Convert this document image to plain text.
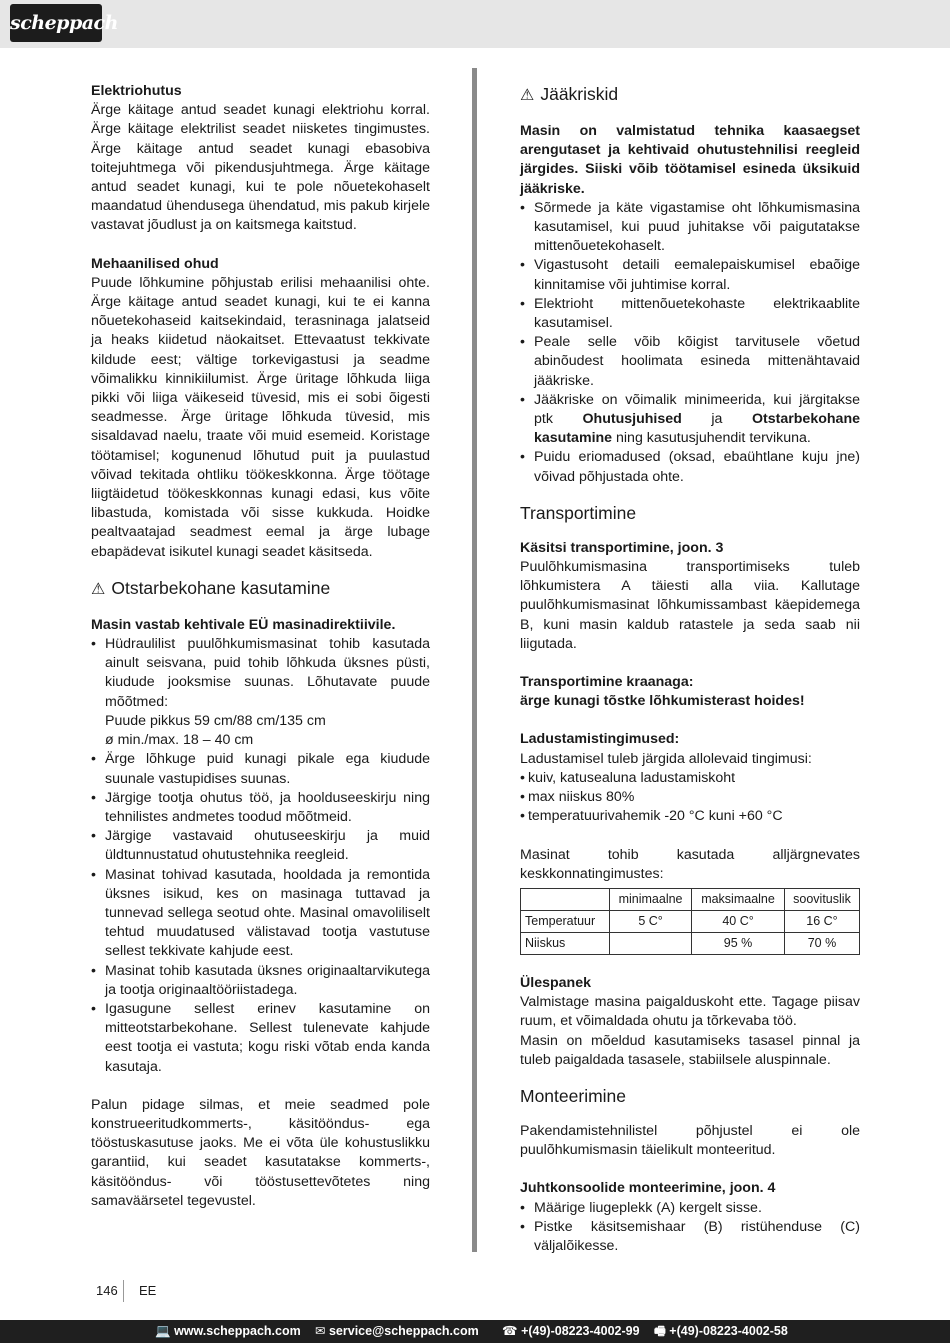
scheppach

Elektriohutus

Ärge käitage antud seadet kunagi elektriohu korral. Ärge käitage elektrilist seadet niisketes tingimustes. Ärge käitage antud seadet kunagi ebasobiva toitejuhtmega või pikendusjuhtmega. Ärge käitage antud seadet kunagi, kui te pole nõuetekohaselt maandatud ühendusega ühendatud, mis pakub kirjele vastavat jõudlust ja on kaitsmega kaitstud.

Mehaanilised ohud

Puude lõhkumine põhjustab erilisi mehaanilisi ohte. Ärge käitage antud seadet kunagi, kui te ei kanna nõuetekohaseid kaitsekindaid, terasninaga jalatseid ja heaks kiidetud näokaitset. Ettevaatust tekkivate kildude eest; vältige torkevigastusi ja seadme võimalikku kinnikiilumist. Ärge üritage lõhkuda liiga pikki või liiga väikeseid tüvesid, mis ei sobi õigesti seadmesse. Ärge üritage lõhkuda tüvesid, mis sisaldavad naelu, traate või muid esemeid. Koristage töötamisel; kogunenud lõhutud puit ja puulastud võivad tekitada ohtliku töökeskkonna. Ärge töötage liigtäidetud töökeskkonnas kunagi edasi, kus võite libastuda, komistada või sisse kukkuda. Hoidke pealtvaatajad seadmest eemal ja ärge lubage ebapädevat isikutel kunagi seadet käsitseda.

⚠ Otstarbekohane kasutamine

Masin vastab kehtivale EÜ masinadirektiivile.

• Hüdraulilist puulõhkumismasinat tohib kasutada ainult seisvana, puid tohib lõhkuda üksnes püsti, kiudude jooksmise suunas. Lõhutavate puude mõõtmed:
Puude pikkus 59 cm/88 cm/135 cm
ø min./max. 18 – 40 cm
• Ärge lõhkuge puid kunagi pikale ega kiudude suunale vastupidises suunas.
• Järgige tootja ohutus töö, ja hoolduseeskirju ning tehnilistes andmetes toodud mõõtmeid.
• Järgige vastavaid ohutuseeskirju ja muid üldtunnustatud ohutustehnika reegleid.
• Masinat tohivad kasutada, hooldada ja remontida üksnes isikud, kes on masinaga tuttavad ja tunnevad sellega seotud ohte. Masinal omavoliliselt tehtud muudatused välistavad tootja vastutuse sellest tekkivate kahjude eest.
• Masinat tohib kasutada üksnes originaaltarvikutega ja tootja originaaltööriistadega.
• Igasugune sellest erinev kasutamine on mitteotstarbekohane. Sellest tulenevate kahjude eest tootja ei vastuta; kogu riski võtab enda kanda kasutaja.

Palun pidage silmas, et meie seadmed pole konstrueeritudkommerts-, käsitööndus- ega tööstuskasutuse jaoks. Me ei võta üle kohustuslikku garantiid, kui seadet kasutatakse kommerts-, käsitööndus- või tööstusettevõtetes ning samaväärsetel tegevustel.

⚠ Jääkriskid

Masin on valmistatud tehnika kaasaegset arengutaset ja kehtivaid ohutustehnilisi reegleid järgides. Siiski võib töötamisel esineda üksikuid jääkriske.

• Sõrmede ja käte vigastamise oht lõhkumismasina kasutamisel, kui puud juhitakse või paigutatakse mittenõuetekohaselt.
• Vigastusoht detaili eemalepaiskumisel ebaõige kinnitamise või juhtimise korral.
• Elektrioht mittenõuetekohaste elektrikaablite kasutamisel.
• Peale selle võib kõigist tarvitusele võetud abinõudest hoolimata esineda mittenähtavaid jääkriske.
• Jääkriske on võimalik minimeerida, kui järgitakse ptk Ohutusjuhised ja Otstarbekohane kasutamine ning kasutusjuhendit tervikuna.
• Puidu eriomadused (oksad, ebaühtlane kuju jne) võivad põhjustada ohte.
Transportimine

Käsitsi transportimine, joon. 3

Puulõhkumismasina transportimiseks tuleb lõhkumistera A täiesti alla viia. Kallutage puulõhkumismasinat lõhkumissambast käepidemega B, kuni masin kaldub ratastele ja seda saab nii liigutada.

Transportimine kraanaga:

ärge kunagi tõstke lõhkumisterast hoides!

Ladustamistingimused:

Ladustamisel tuleb järgida allolevaid tingimusi:

• kuiv, katusealuna ladustamiskoht
• max niiskus 80%
• temperatuurivahemik -20 °C kuni +60 °C

Masinat tohib kasutada alljärgnevates keskkonnatingimustes:

	minimaalne	maksimaalne	soovituslik
Temperatuur	5 C°	40 C°	16 C°
Niiskus		95 %	70 %

Ülespanek

Valmistage masina paigalduskoht ette. Tagage piisav ruum, et võimaldada ohutu ja tõrkevaba töö.

Masin on mõeldud kasutamiseks tasasel pinnal ja tuleb paigaldada tasasele, stabiilsele aluspinnale.

Monteerimine

Pakendamistehnilistel põhjustel ei ole puulõhkumismasin täielikult monteeritud.

Juhtkonsoolide monteerimine, joon. 4

• Määrige liugeplekk (A) kergelt sisse.
• Pistke käsitsemishaar (B) ristühenduse (C) väljalõikesse.
146 EE
💻 www.scheppach.com ✉ service@scheppach.com ☎ +(49)-08223-4002-99 🖷 +(49)-08223-4002-58
